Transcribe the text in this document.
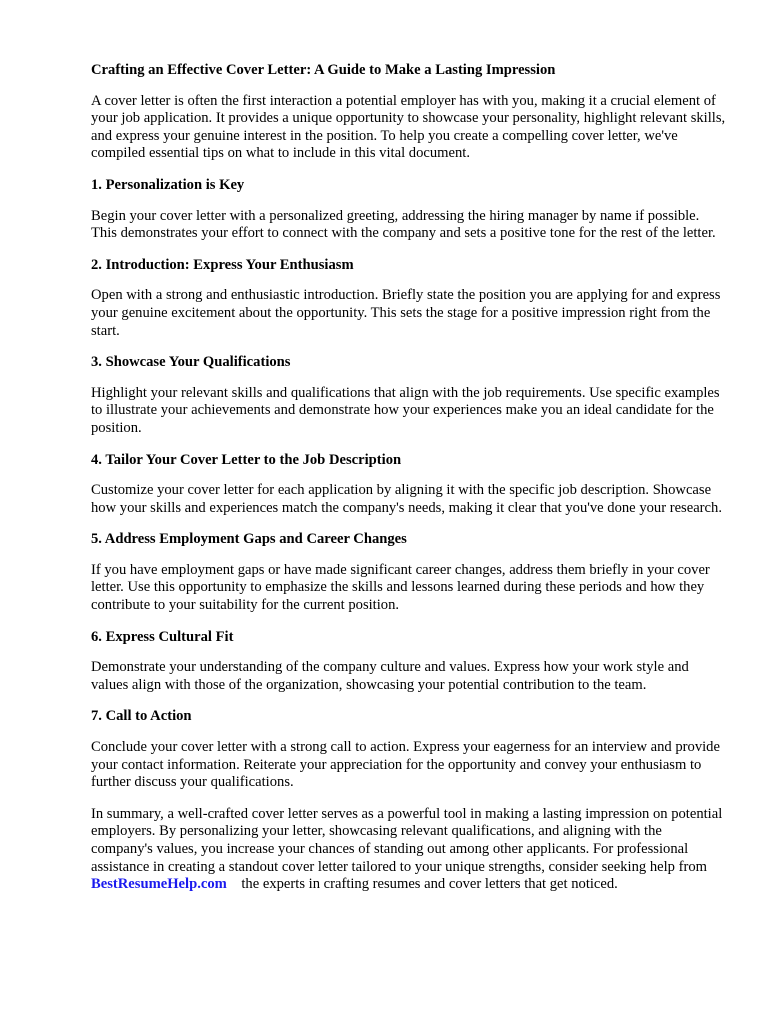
Crafting an Effective Cover Letter: A Guide to Make a Lasting Impression
A cover letter is often the first interaction a potential employer has with you, making it a crucial element of your job application. It provides a unique opportunity to showcase your personality, highlight relevant skills, and express your genuine interest in the position. To help you create a compelling cover letter, we've compiled essential tips on what to include in this vital document.
1. Personalization is Key
Begin your cover letter with a personalized greeting, addressing the hiring manager by name if possible. This demonstrates your effort to connect with the company and sets a positive tone for the rest of the letter.
2. Introduction: Express Your Enthusiasm
Open with a strong and enthusiastic introduction. Briefly state the position you are applying for and express your genuine excitement about the opportunity. This sets the stage for a positive impression right from the start.
3. Showcase Your Qualifications
Highlight your relevant skills and qualifications that align with the job requirements. Use specific examples to illustrate your achievements and demonstrate how your experiences make you an ideal candidate for the position.
4. Tailor Your Cover Letter to the Job Description
Customize your cover letter for each application by aligning it with the specific job description. Showcase how your skills and experiences match the company's needs, making it clear that you've done your research.
5. Address Employment Gaps and Career Changes
If you have employment gaps or have made significant career changes, address them briefly in your cover letter. Use this opportunity to emphasize the skills and lessons learned during these periods and how they contribute to your suitability for the current position.
6. Express Cultural Fit
Demonstrate your understanding of the company culture and values. Express how your work style and values align with those of the organization, showcasing your potential contribution to the team.
7. Call to Action
Conclude your cover letter with a strong call to action. Express your eagerness for an interview and provide your contact information. Reiterate your appreciation for the opportunity and convey your enthusiasm to further discuss your qualifications.
In summary, a well-crafted cover letter serves as a powerful tool in making a lasting impression on potential employers. By personalizing your letter, showcasing relevant qualifications, and aligning with the company's values, you increase your chances of standing out among other applicants. For professional assistance in creating a standout cover letter tailored to your unique strengths, consider seeking help from BestResumeHelp.com the experts in crafting resumes and cover letters that get noticed.
